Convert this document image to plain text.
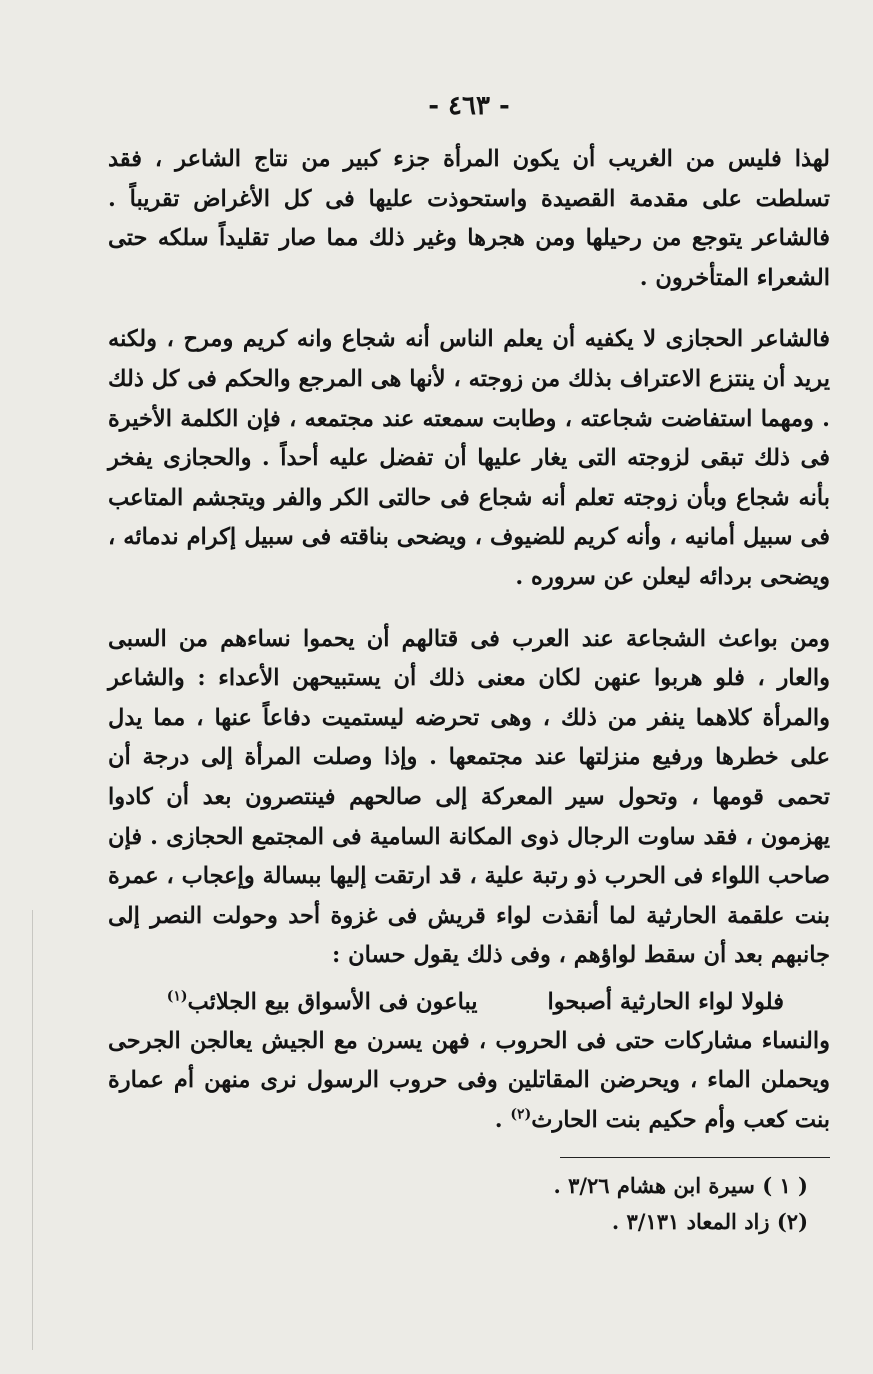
- ٤٦٣ -

لهذا فليس من الغريب أن يكون المرأة جزء كبير من نتاج الشاعر ، فقد تسلطت على مقدمة القصيدة واستحوذت عليها فى كل الأغراض تقريباً . فالشاعر يتوجع من رحيلها ومن هجرها وغير ذلك مما صار تقليداً سلكه حتى الشعراء المتأخرون .

فالشاعر الحجازى لا يكفيه أن يعلم الناس أنه شجاع وانه كريم ومرح ، ولكنه يريد أن ينتزع الاعتراف بذلك من زوجته ، لأنها هى المرجع والحكم فى كل ذلك . ومهما استفاضت شجاعته ، وطابت سمعته عند مجتمعه ، فإن الكلمة الأخيرة فى ذلك تبقى لزوجته التى يغار عليها أن تفضل عليه أحداً . والحجازى يفخر بأنه شجاع وبأن زوجته تعلم أنه شجاع فى حالتى الكر والفر ويتجشم المتاعب فى سبيل أمانيه ، وأنه كريم للضيوف ، ويضحى بناقته فى سبيل إكرام ندمائه ، ويضحى بردائه ليعلن عن سروره .

ومن بواعث الشجاعة عند العرب فى قتالهم أن يحموا نساءهم من السبى والعار ، فلو هربوا عنهن لكان معنى ذلك أن يستبيحهن الأعداء : والشاعر والمرأة كلاهما ينفر من ذلك ، وهى تحرضه ليستميت دفاعاً عنها ، مما يدل على خطرها ورفيع منزلتها عند مجتمعها . وإذا وصلت المرأة إلى درجة أن تحمى قومها ، وتحول سير المعركة إلى صالحهم فينتصرون بعد أن كادوا يهزمون ، فقد ساوت الرجال ذوى المكانة السامية فى المجتمع الحجازى . فإن صاحب اللواء فى الحرب ذو رتبة علية ، قد ارتقت إليها ببسالة وإعجاب ، عمرة بنت علقمة الحارثية لما أنقذت لواء قريش فى غزوة أحد وحولت النصر إلى جانبهم بعد أن سقط لواؤهم ، وفى ذلك يقول حسان :

فلولا لواء الحارثية أصبحوا
يباعون فى الأسواق بيع الجلائب$^{(١)}$

والنساء مشاركات حتى فى الحروب ، فهن يسرن مع الجيش يعالجن الجرحى ويحملن الماء ، ويحرضن المقاتلين وفى حروب الرسول نرى منهن أم عمارة بنت كعب وأم حكيم بنت الحارث$^{(٢)}$ .

( ١ ) سيرة ابن هشام ٣/٢٦ .
(٢) زاد المعاد ٣/١٣١ .
